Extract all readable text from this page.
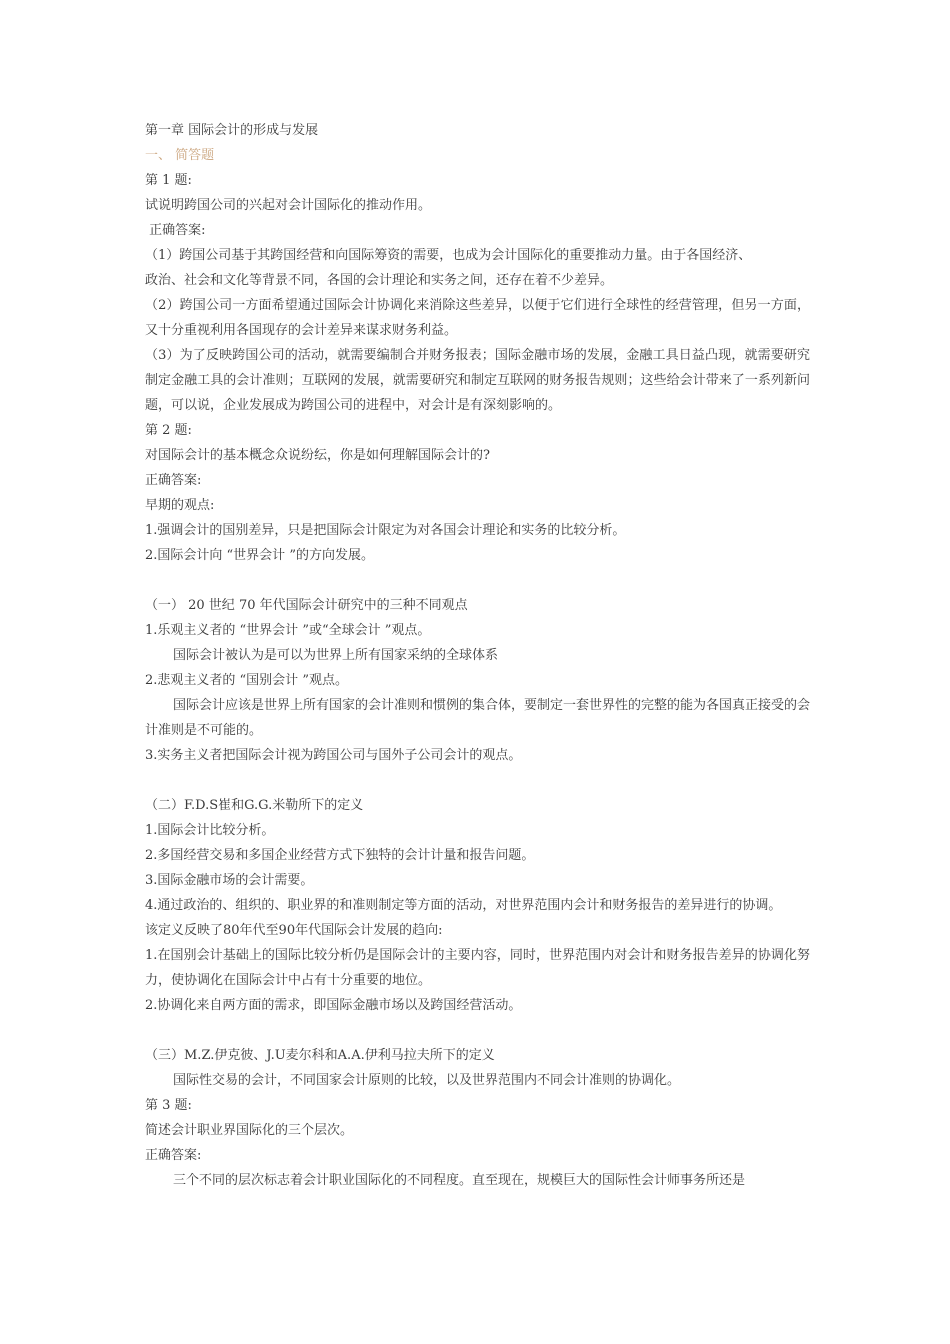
第一章 国际会计的形成与发展
一、 简答题
第 1 题:
试说明跨国公司的兴起对会计国际化的推动作用。
正确答案:
（1）跨国公司基于其跨国经营和向国际筹资的需要，也成为会计国际化的重要推动力量。由于各国经济、
政治、社会和文化等背景不同，各国的会计理论和实务之间，还存在着不少差异。
（2）跨国公司一方面希望通过国际会计协调化来消除这些差异，以便于它们进行全球性的经营管理，但另一方面，又十分重视利用各国现存的会计差异来谋求财务利益。
（3）为了反映跨国公司的活动，就需要编制合并财务报表；国际金融市场的发展，金融工具日益凸现，就需要研究制定金融工具的会计准则；互联网的发展，就需要研究和制定互联网的财务报告规则；这些给会计带来了一系列新问题，可以说，企业发展成为跨国公司的进程中，对会计是有深刻影响的。
第 2 题:
对国际会计的基本概念众说纷纭，你是如何理解国际会计的?
正确答案:
早期的观点:
1.强调会计的国别差异，只是把国际会计限定为对各国会计理论和实务的比较分析。
2.国际会计向 “世界会计 ”的方向发展。
（一） 20 世纪 70 年代国际会计研究中的三种不同观点
1.乐观主义者的 “世界会计 ”或“全球会计 ”观点。
国际会计被认为是可以为世界上所有国家采纳的全球体系
2.悲观主义者的 “国别会计 ”观点。
国际会计应该是世界上所有国家的会计准则和惯例的集合体，要制定一套世界性的完整的能为各国真正接受的会计准则是不可能的。
3.实务主义者把国际会计视为跨国公司与国外子公司会计的观点。
（二）F.D.S崔和G.G.米勒所下的定义
1.国际会计比较分析。
2.多国经营交易和多国企业经营方式下独特的会计计量和报告问题。
3.国际金融市场的会计需要。
4.通过政治的、组织的、职业界的和准则制定等方面的活动，对世界范围内会计和财务报告的差异进行的协调。
该定义反映了80年代至90年代国际会计发展的趋向:
1.在国别会计基础上的国际比较分析仍是国际会计的主要内容，同时，世界范围内对会计和财务报告差异的协调化努力，使协调化在国际会计中占有十分重要的地位。
2.协调化来自两方面的需求，即国际金融市场以及跨国经营活动。
（三）M.Z.伊克彼、J.U麦尔科和A.A.伊利马拉夫所下的定义
国际性交易的会计，不同国家会计原则的比较，以及世界范围内不同会计准则的协调化。
第 3 题:
简述会计职业界国际化的三个层次。
正确答案:
三个不同的层次标志着会计职业国际化的不同程度。直至现在，规模巨大的国际性会计师事务所还是
